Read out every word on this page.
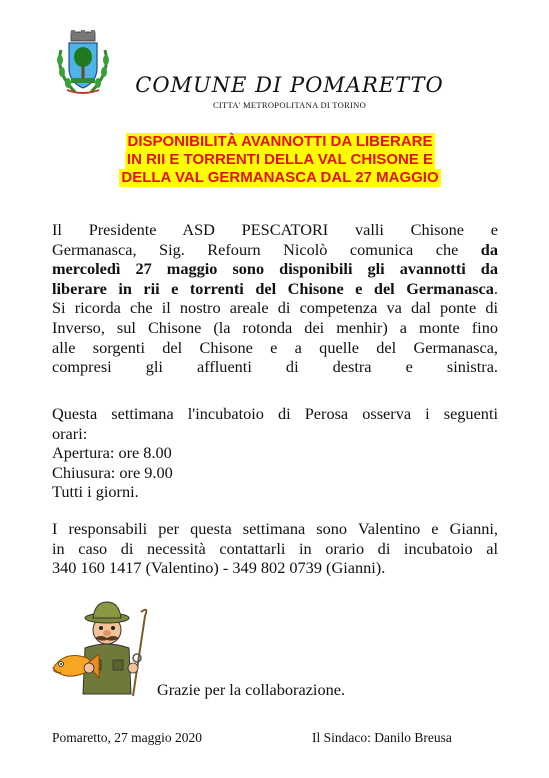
COMUNE DI POMARETTO
CITTA' METROPOLITANA DI TORINO
DISPONIBILITÀ AVANNOTTI DA LIBERARE
IN RII E TORRENTI DELLA VAL CHISONE E
DELLA VAL GERMANASCA DAL 27 MAGGIO
Il Presidente ASD PESCATORI valli Chisone e
Germanasca, Sig. Refourn Nicolò comunica che da
mercoledì 27 maggio sono disponibili gli avannotti da
liberare in rii e torrenti del Chisone e del Germanasca.
Si ricorda che il nostro areale di competenza va dal ponte di
Inverso, sul Chisone (la rotonda dei menhir) a monte fino
alle sorgenti del Chisone e a quelle del Germanasca,
compresi gli affluenti di destra e sinistra.
Questa settimana l'incubatoio di Perosa osserva i seguenti
orari:
Apertura: ore 8.00
Chiusura: ore 9.00
Tutti i giorni.
I responsabili per questa settimana sono Valentino e Gianni,
in caso di necessità contattarli in orario di incubatoio al
340 160 1417 (Valentino) - 349 802 0739 (Gianni).
Grazie per la collaborazione.
Pomaretto, 27 maggio 2020	Il Sindaco: Danilo Breusa
